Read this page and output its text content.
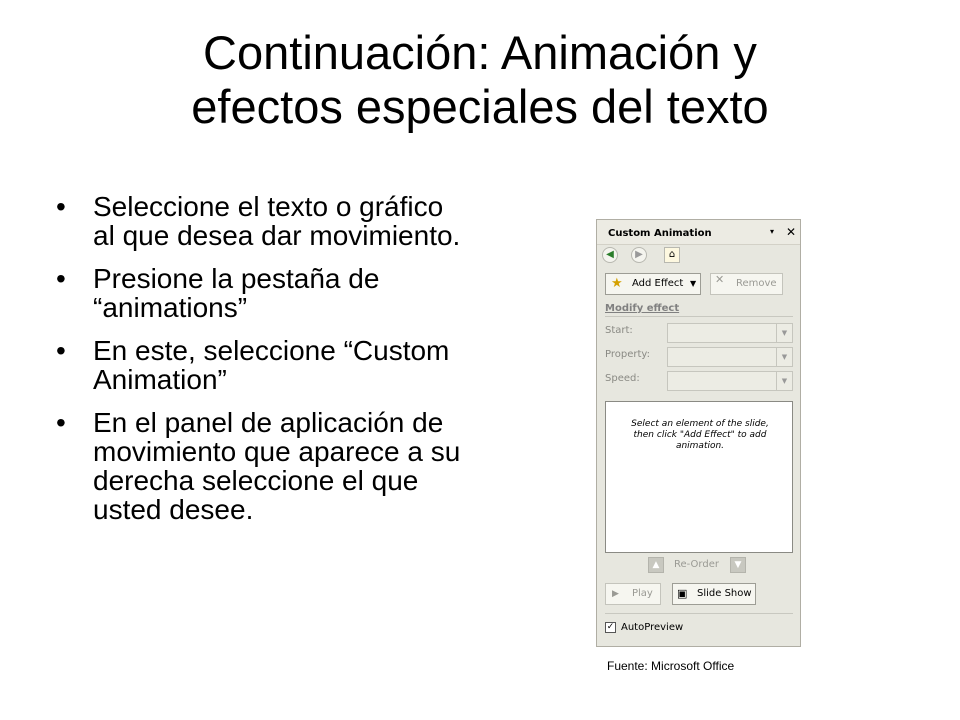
Continuación: Animación y
efectos especiales del texto
• Seleccione el texto o gráfico al que desea dar movimiento.
• Presione la pestaña de “animations”
• En este, seleccione “Custom Animation”
• En el panel de aplicación de movimiento que aparece a su derecha seleccione el que usted desee.
Custom Animation	▾ ✕
◀	▶	⌂
★ Add Effect ▼ ✕ Remove
Modify effect
Start:	▼
Property:	▼
Speed:	▼
Select an element of the slide, then click "Add Effect" to add animation.
▲	Re-Order	▼
▶ Play ▣ Slide Show
✓ AutoPreview
Fuente: Microsoft Office
